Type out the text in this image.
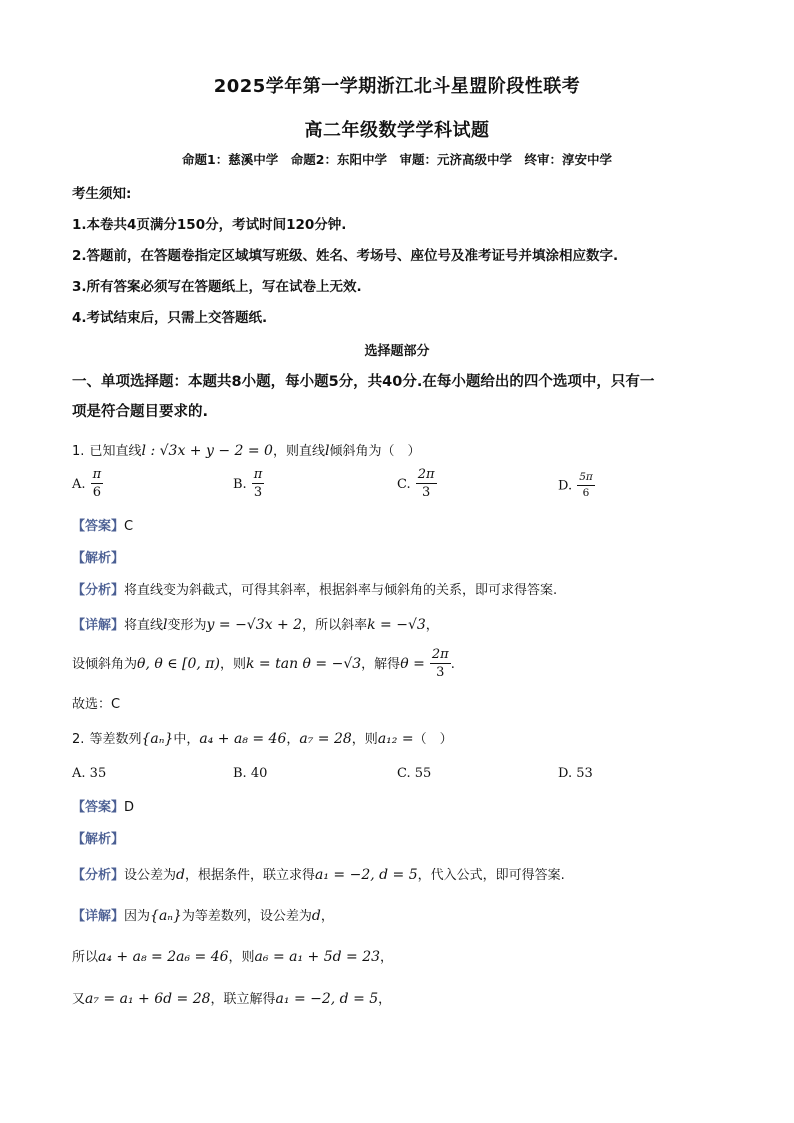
2025学年第一学期浙江北斗星盟阶段性联考
高二年级数学学科试题
命题1：慈溪中学　命题2：东阳中学　审题：元济高级中学　终审：淳安中学
考生须知:
1.本卷共4页满分150分，考试时间120分钟.
2.答题前，在答题卷指定区域填写班级、姓名、考场号、座位号及准考证号并填涂相应数字.
3.所有答案必须写在答题纸上，写在试卷上无效.
4.考试结束后，只需上交答题纸.
选择题部分
一、单项选择题：本题共8小题，每小题5分，共40分.在每小题给出的四个选项中，只有一
项是符合题目要求的.
1. 已知直线l : √3x + y − 2 = 0，则直线l倾斜角为（　）
A. $\frac{\pi}{6}$	B. $\frac{\pi}{3}$	C. $\frac{2\pi}{3}$	D. $\frac{5\pi}{6}$
【答案】C
【解析】
【分析】将直线变为斜截式，可得其斜率，根据斜率与倾斜角的关系，即可求得答案.
【详解】将直线l变形为y = −√3x + 2，所以斜率k = −√3，
设倾斜角为θ, θ ∈ [0, π)，则k = tan θ = −√3，解得$\theta = \frac{2\pi}{3}$ .
故选：C
2. 等差数列{aₙ}中，a₄ + a₈ = 46，a₇ = 28，则a₁₂ =（　）
A. 35	B. 40	C. 55	D. 53
【答案】D
【解析】
【分析】设公差为d，根据条件，联立求得a₁ = −2, d = 5，代入公式，即可得答案.
【详解】因为{aₙ}为等差数列，设公差为d，
所以a₄ + a₈ = 2a₆ = 46，则a₆ = a₁ + 5d = 23，
又a₇ = a₁ + 6d = 28，联立解得a₁ = −2, d = 5，
